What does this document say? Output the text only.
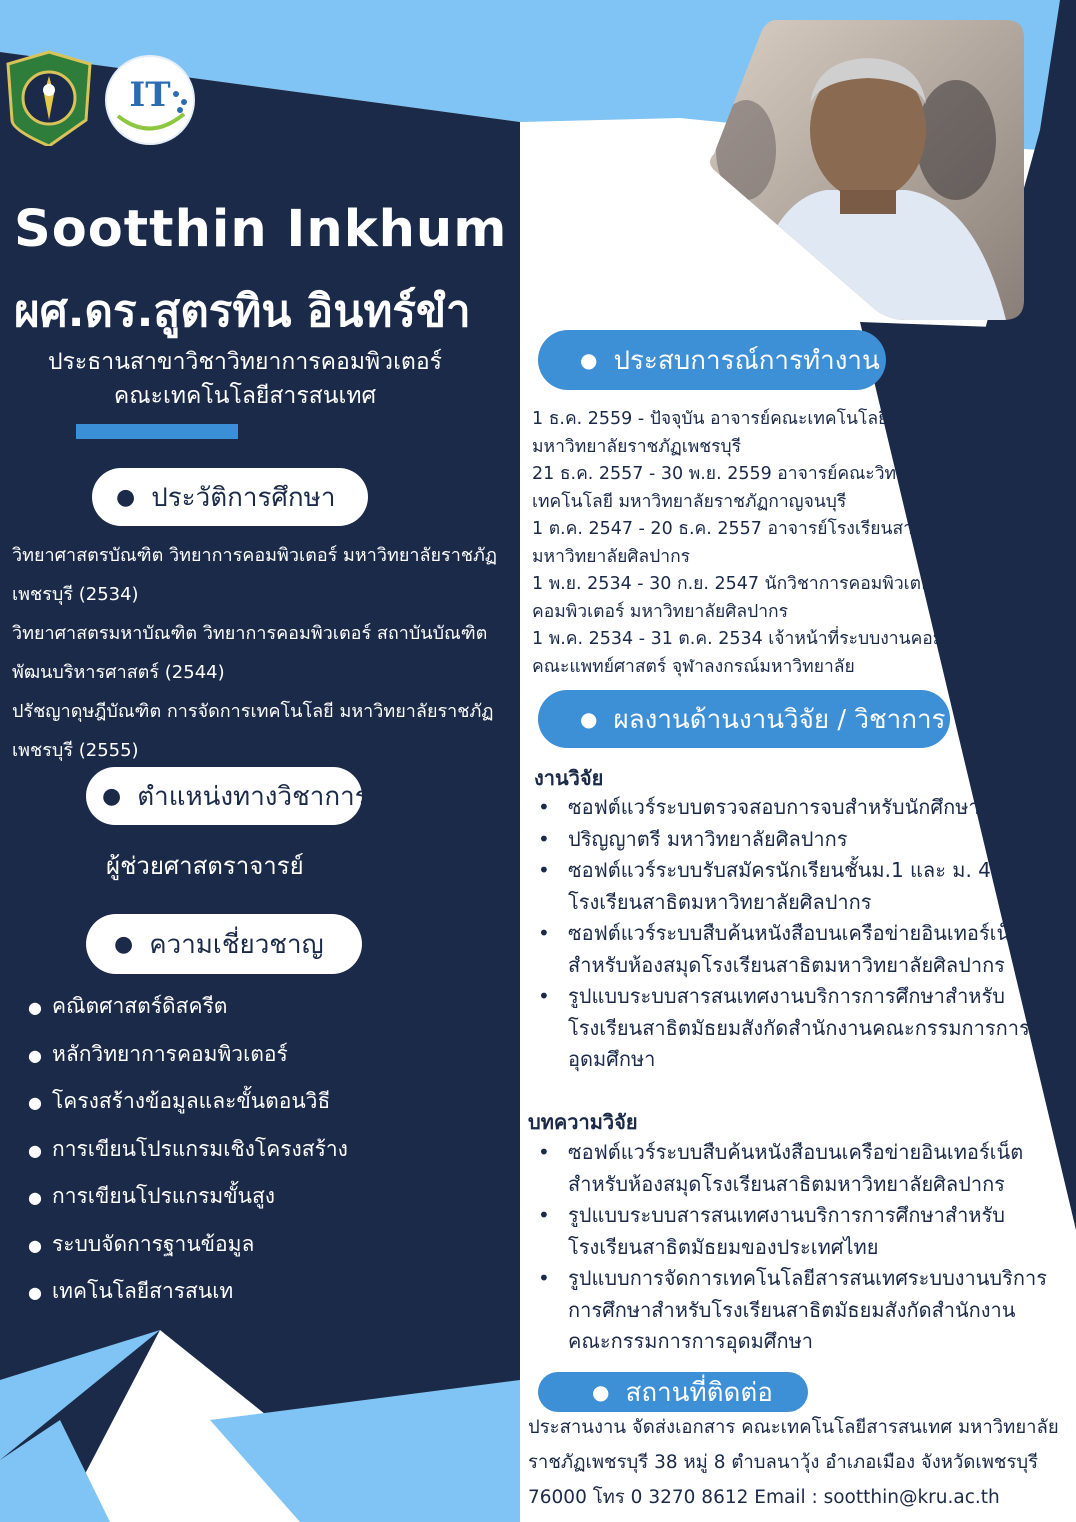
IT
Sootthin Inkhum
ผศ.ดร.สูตรทิน อินทร์ขำ
ประธานสาขาวิชาวิทยาการคอมพิวเตอร์
คณะเทคโนโลยีสารสนเทศ
● ประวัติการศึกษา
วิทยาศาสตรบัณฑิต วิทยาการคอมพิวเตอร์ มหาวิทยาลัยราชภัฏ
เพชรบุรี (2534)
วิทยาศาสตรมหาบัณฑิต วิทยาการคอมพิวเตอร์ สถาบันบัณฑิต
พัฒนบริหารศาสตร์ (2544)
ปรัชญาดุษฎีบัณฑิต การจัดการเทคโนโลยี มหาวิทยาลัยราชภัฏ
เพชรบุรี (2555)
● ตำแหน่งทางวิชาการ
ผู้ช่วยศาสตราจารย์
● ความเชี่ยวชาญ
● คณิตศาสตร์ดิสครีต
● หลักวิทยาการคอมพิวเตอร์
● โครงสร้างข้อมูลและขั้นตอนวิธี
● การเขียนโปรแกรมเชิงโครงสร้าง
● การเขียนโปรแกรมขั้นสูง
● ระบบจัดการฐานข้อมูล
● เทคโนโลยีสารสนเท
● ประสบการณ์การทำงาน
1 ธ.ค. 2559 - ปัจจุบัน อาจารย์คณะเทคโนโลยีสารสนเทศ
มหาวิทยาลัยราชภัฏเพชรบุรี
21 ธ.ค. 2557 - 30 พ.ย. 2559 อาจารย์คณะวิทยาศาสตร์และ
เทคโนโลยี มหาวิทยาลัยราชภัฏกาญจนบุรี
1 ต.ค. 2547 - 20 ธ.ค. 2557 อาจารย์โรงเรียนสาธิต
มหาวิทยาลัยศิลปากร
1 พ.ย. 2534 - 30 ก.ย. 2547 นักวิชาการคอมพิวเตอร์ ศูนย์
คอมพิวเตอร์ มหาวิทยาลัยศิลปากร
1 พ.ค. 2534 - 31 ต.ค. 2534 เจ้าหน้าที่ระบบงานคอมพิวเตอร์
คณะแพทย์ศาสตร์ จุฬาลงกรณ์มหาวิทยาลัย
● ผลงานด้านงานวิจัย / วิชาการ
งานวิจัย
• ซอฟต์แวร์ระบบตรวจสอบการจบสำหรับนักศึกษา
• ปริญญาตรี มหาวิทยาลัยศิลปากร
• ซอฟต์แวร์ระบบรับสมัครนักเรียนชั้นม.1 และ ม. 4
โรงเรียนสาธิตมหาวิทยาลัยศิลปากร
• ซอฟต์แวร์ระบบสืบค้นหนังสือบนเครือข่ายอินเทอร์เน็ต
สำหรับห้องสมุดโรงเรียนสาธิตมหาวิทยาลัยศิลปากร
• รูปแบบระบบสารสนเทศงานบริการการศึกษาสำหรับ
โรงเรียนสาธิตมัธยมสังกัดสำนักงานคณะกรรมการการ
อุดมศึกษา
บทความวิจัย
• ซอฟต์แวร์ระบบสืบค้นหนังสือบนเครือข่ายอินเทอร์เน็ต
สำหรับห้องสมุดโรงเรียนสาธิตมหาวิทยาลัยศิลปากร
• รูปแบบระบบสารสนเทศงานบริการการศึกษาสำหรับ
โรงเรียนสาธิตมัธยมของประเทศไทย
• รูปแบบการจัดการเทคโนโลยีสารสนเทศระบบงานบริการ
การศึกษาสำหรับโรงเรียนสาธิตมัธยมสังกัดสำนักงาน
คณะกรรมการการอุดมศึกษา
● สถานที่ติดต่อ
ประสานงาน จัดส่งเอกสาร คณะเทคโนโลยีสารสนเทศ มหาวิทยาลัย
ราชภัฏเพชรบุรี 38 หมู่ 8 ตำบลนาวุ้ง อำเภอเมือง จังหวัดเพชรบุรี
76000 โทร 0 3270 8612 Email : sootthin@kru.ac.th
